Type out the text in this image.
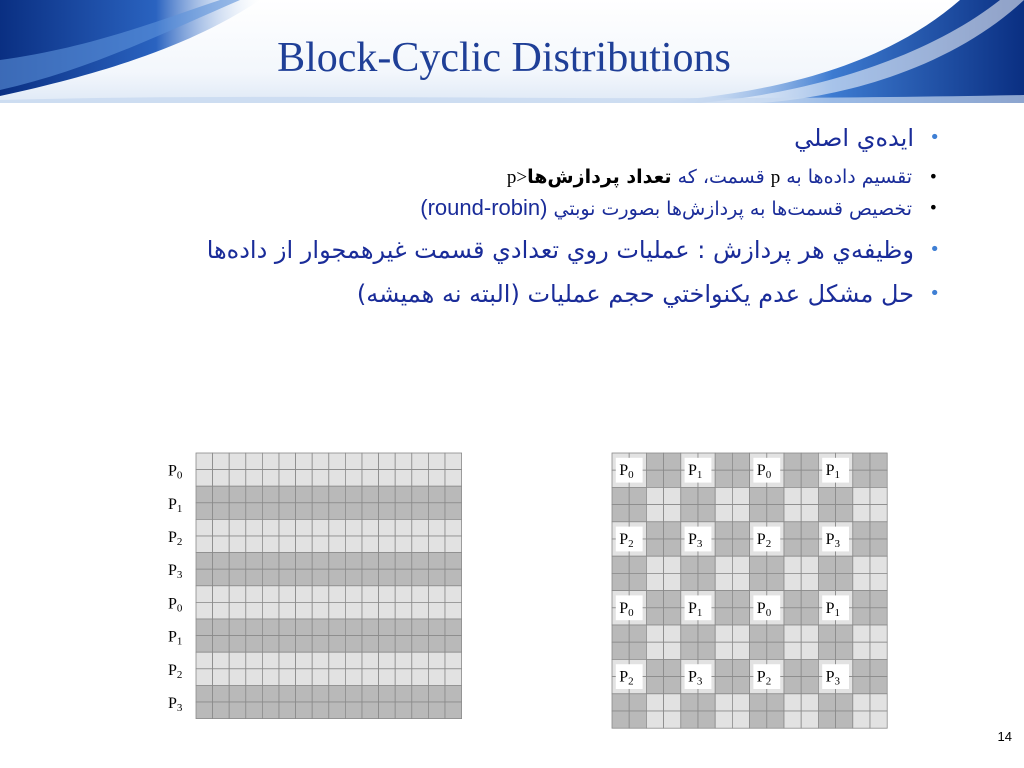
Block-Cyclic Distributions
•
ايده‌ي اصلي
•
تقسيم داده‌ها به p قسمت، كه تعداد پردازش‌هاp>
•
تخصيص قسمت‌ها به پردازش‌ها بصورت نوبتي (round-robin)
•
وظيفه‌ي هر پردازش : عمليات روي تعدادي قسمت غيرهمجوار از داده‌ها
•
حل مشكل عدم يكنواختي حجم عمليات (البته نه هميشه)
P0
P1
P2
P3
P0
P1
P2
P3
P0	P1	P0	P1
P2	P3	P2	P3
P0	P1	P0	P1
P2	P3	P2	P3
14
